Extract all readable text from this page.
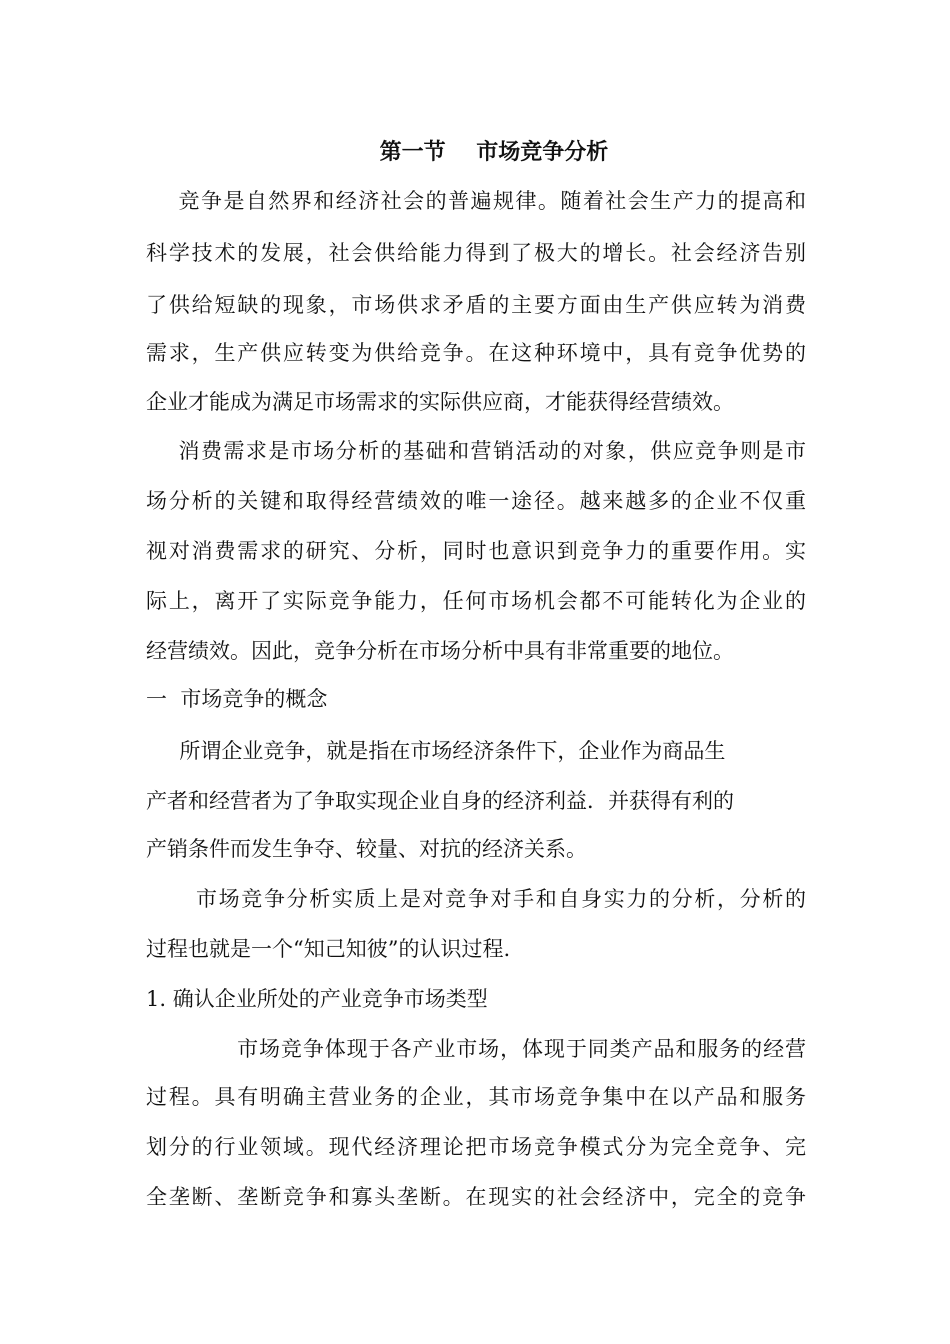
第一节    市场竞争分析
竞争是自然界和经济社会的普遍规律。随着社会生产力的提高和
科学技术的发展，社会供给能力得到了极大的增长。社会经济告别
了供给短缺的现象，市场供求矛盾的主要方面由生产供应转为消费
需求，生产供应转变为供给竞争。在这种环境中，具有竞争优势的
企业才能成为满足市场需求的实际供应商，才能获得经营绩效。
消费需求是市场分析的基础和营销活动的对象，供应竞争则是市
场分析的关键和取得经营绩效的唯一途径。越来越多的企业不仅重
视对消费需求的研究、分析，同时也意识到竞争力的重要作用。实
际上，离开了实际竞争能力，任何市场机会都不可能转化为企业的
经营绩效。因此，竞争分析在市场分析中具有非常重要的地位。
一  市场竞争的概念
所谓企业竞争，就是指在市场经济条件下，企业作为商品生
产者和经营者为了争取实现企业自身的经济利益．并获得有利的
产销条件而发生争夺、较量、对抗的经济关系。
市场竞争分析实质上是对竞争对手和自身实力的分析，分析的
过程也就是一个“知己知彼”的认识过程.
1. 确认企业所处的产业竞争市场类型
市场竞争体现于各产业市场，体现于同类产品和服务的经营
过程。具有明确主营业务的企业，其市场竞争集中在以产品和服务
划分的行业领域。现代经济理论把市场竞争模式分为完全竞争、完
全垄断、垄断竞争和寡头垄断。在现实的社会经济中，完全的竞争
